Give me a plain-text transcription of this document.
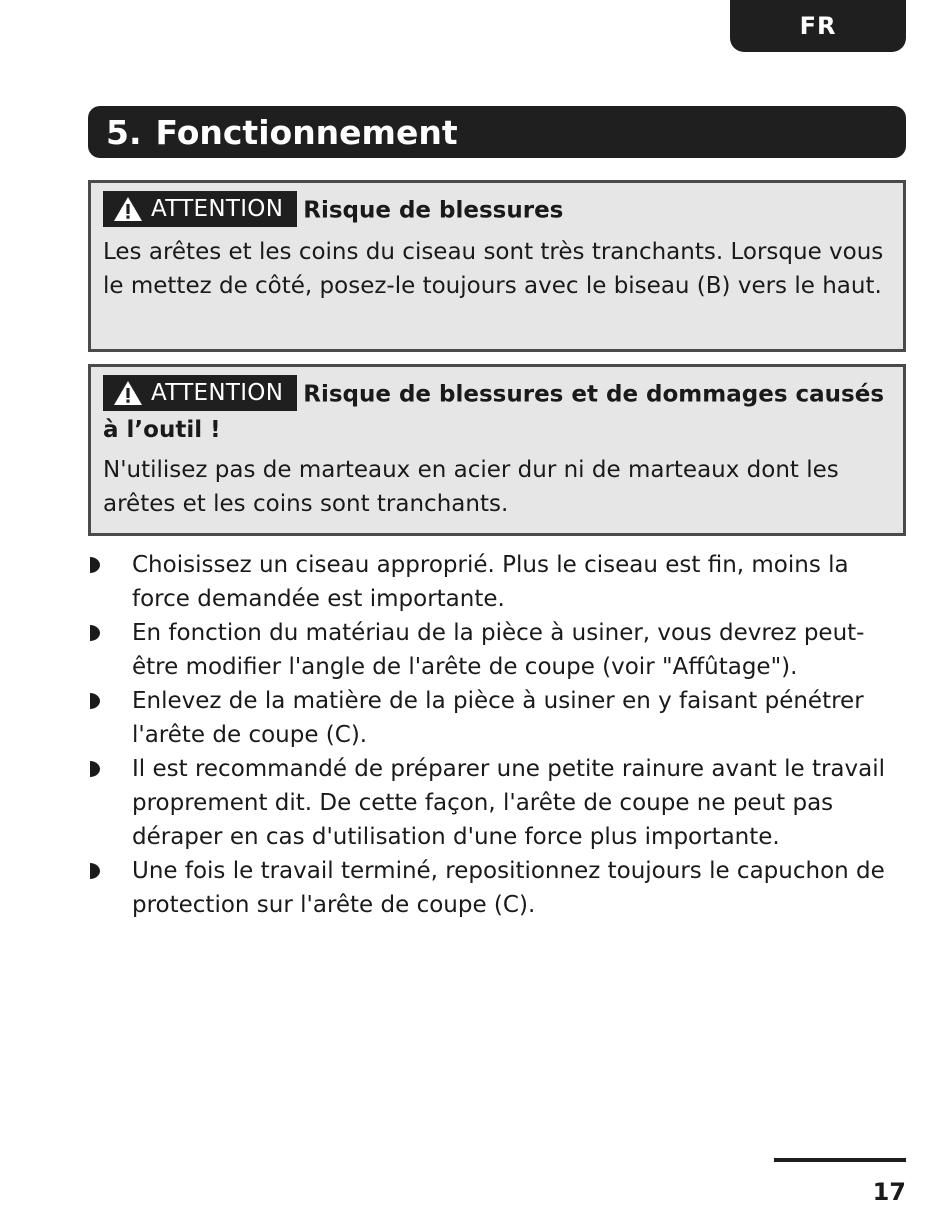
FR
5. Fonctionnement

ATTENTION Risque de blessures

Les arêtes et les coins du ciseau sont très tranchants. Lorsque vous le mettez de côté, posez-le toujours avec le biseau (B) vers le haut.

ATTENTION Risque de blessures et de dommages causés à l’outil !

N'utilisez pas de marteaux en acier dur ni de marteaux dont les arêtes et les coins sont tranchants.

Choisissez un ciseau approprié. Plus le ciseau est fin, moins la force demandée est importante.
En fonction du matériau de la pièce à usiner, vous devrez peut-être modifier l'angle de l'arête de coupe (voir "Affûtage").
Enlevez de la matière de la pièce à usiner en y faisant pénétrer l'arête de coupe (C).
Il est recommandé de préparer une petite rainure avant le travail proprement dit. De cette façon, l'arête de coupe ne peut pas déraper en cas d'utilisation d'une force plus importante.
Une fois le travail terminé, repositionnez toujours le capuchon de protection sur l'arête de coupe (C).
17
